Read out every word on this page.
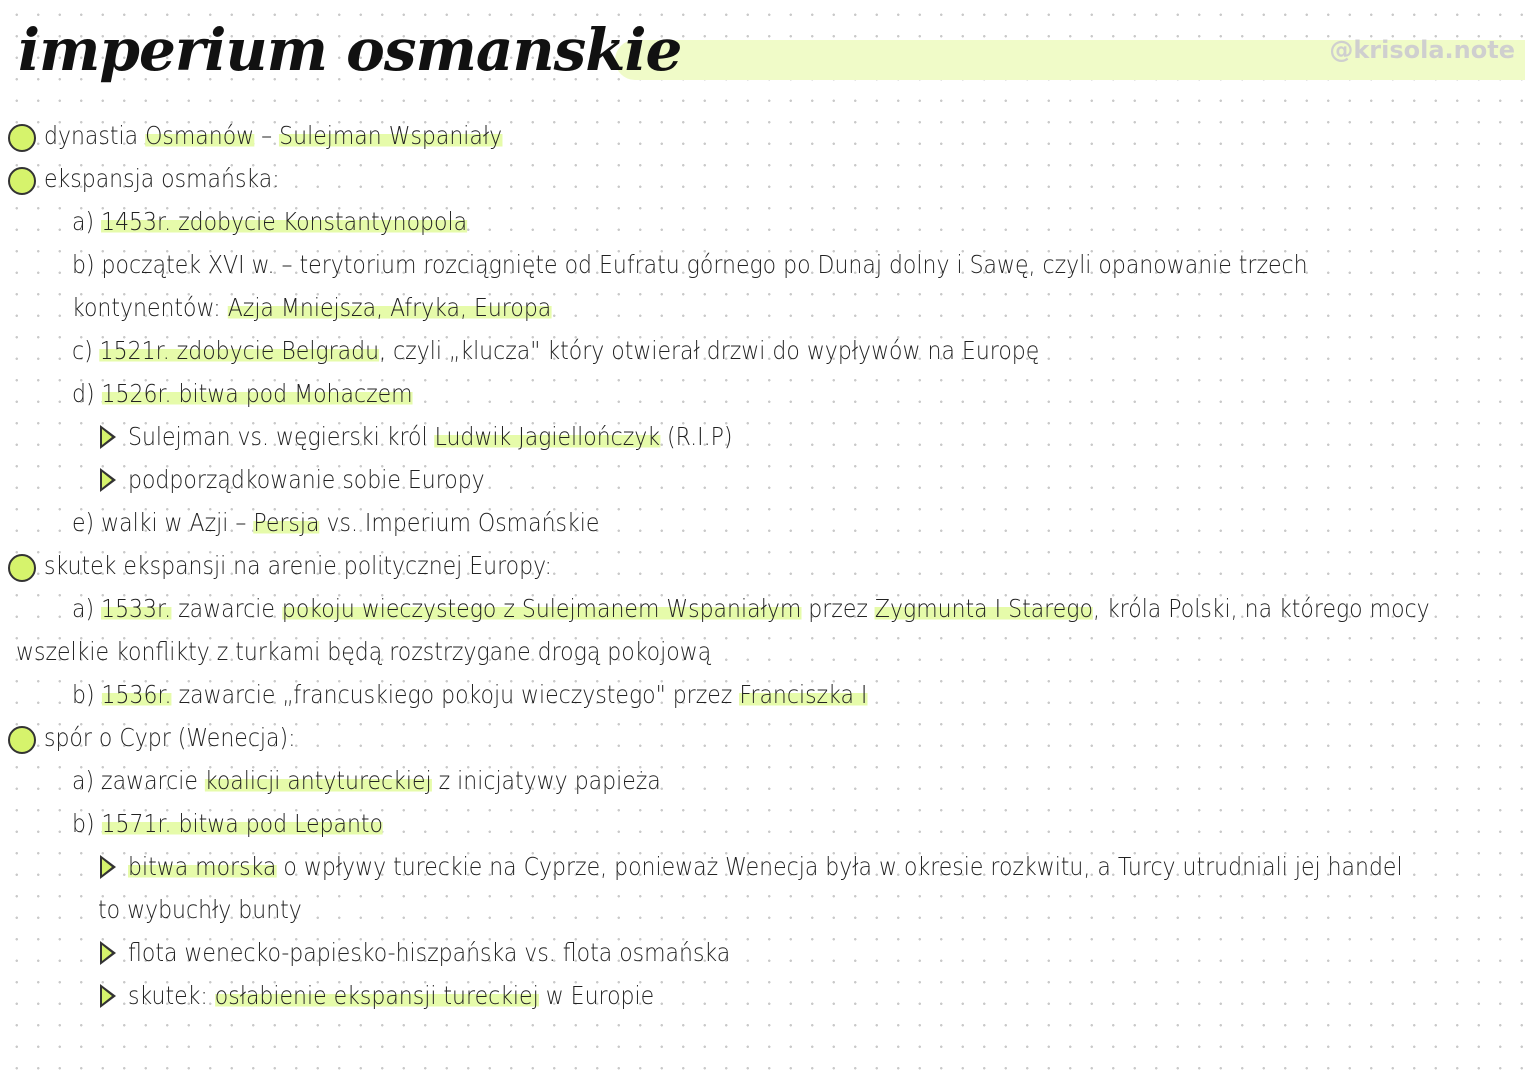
imperium osmanskie	@krisola.note
dynastia Osmanów – Sulejman Wspaniały
ekspansja osmańska:
a) 1453r. zdobycie Konstantynopola
b) początek XVI w. – terytorium rozciągnięte od Eufratu górnego po Dunaj dolny i Sawę, czyli opanowanie trzech
kontynentów: Azja Mniejsza, Afryka, Europa
c) 1521r. zdobycie Belgradu, czyli „klucza" który otwierał drzwi do wypływów na Europę
d) 1526r. bitwa pod Mohaczem
Sulejman vs. węgierski król Ludwik Jagiellończyk (R.I.P)
podporządkowanie sobie Europy
e) walki w Azji – Persja vs. Imperium Osmańskie
skutek ekspansji na arenie politycznej Europy:
a) 1533r. zawarcie pokoju wieczystego z Sulejmanem Wspaniałym przez Zygmunta I Starego, króla Polski, na którego mocy
wszelkie konflikty z turkami będą rozstrzygane drogą pokojową
b) 1536r. zawarcie „francuskiego pokoju wieczystego" przez Franciszka I
spór o Cypr (Wenecja):
a) zawarcie koalicji antytureckiej z inicjatywy papieża
b) 1571r. bitwa pod Lepanto
bitwa morska o wpływy tureckie na Cyprze, ponieważ Wenecja była w okresie rozkwitu, a Turcy utrudniali jej handel
to wybuchły bunty
flota wenecko-papiesko-hiszpańska vs. flota osmańska
skutek: osłabienie ekspansji tureckiej w Europie
